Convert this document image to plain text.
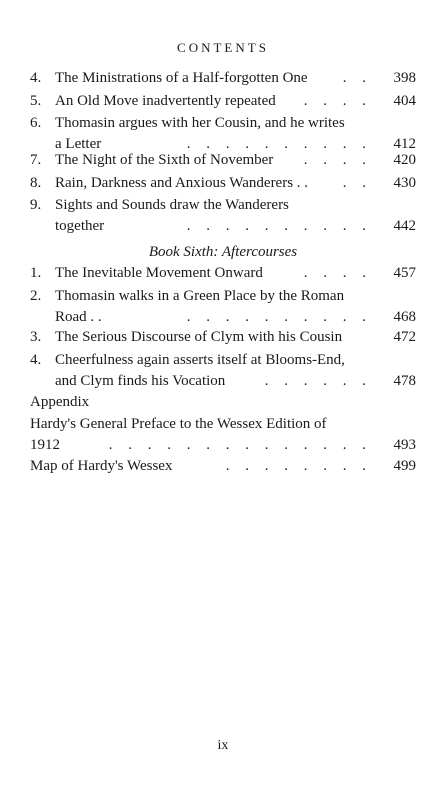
CONTENTS
4. The Ministrations of a Half-forgotten One	. .	398
5. An Old Move inadvertently repeated	. . . .	404
6. Thomasin argues with her Cousin, and he writes
a Letter	. . . . . . . . . .	412
7. The Night of the Sixth of November	. . . .	420
8. Rain, Darkness and Anxious Wanderers . .	. .	430
9. Sights and Sounds draw the Wanderers
together	. . . . . . . . . .	442
Book Sixth: Aftercourses
1. The Inevitable Movement Onward	. . . .	457
2. Thomasin walks in a Green Place by the Roman
Road . .	. . . . . . . . . .	468
3. The Serious Discourse of Clym with his Cousin	472
4. Cheerfulness again asserts itself at Blooms-End,
and Clym finds his Vocation	. . . . . .	478
Appendix
Hardy's General Preface to the Wessex Edition of
1912	. . . . . . . . . . . . . .	493
Map of Hardy's Wessex	. . . . . . . .	499
ix
